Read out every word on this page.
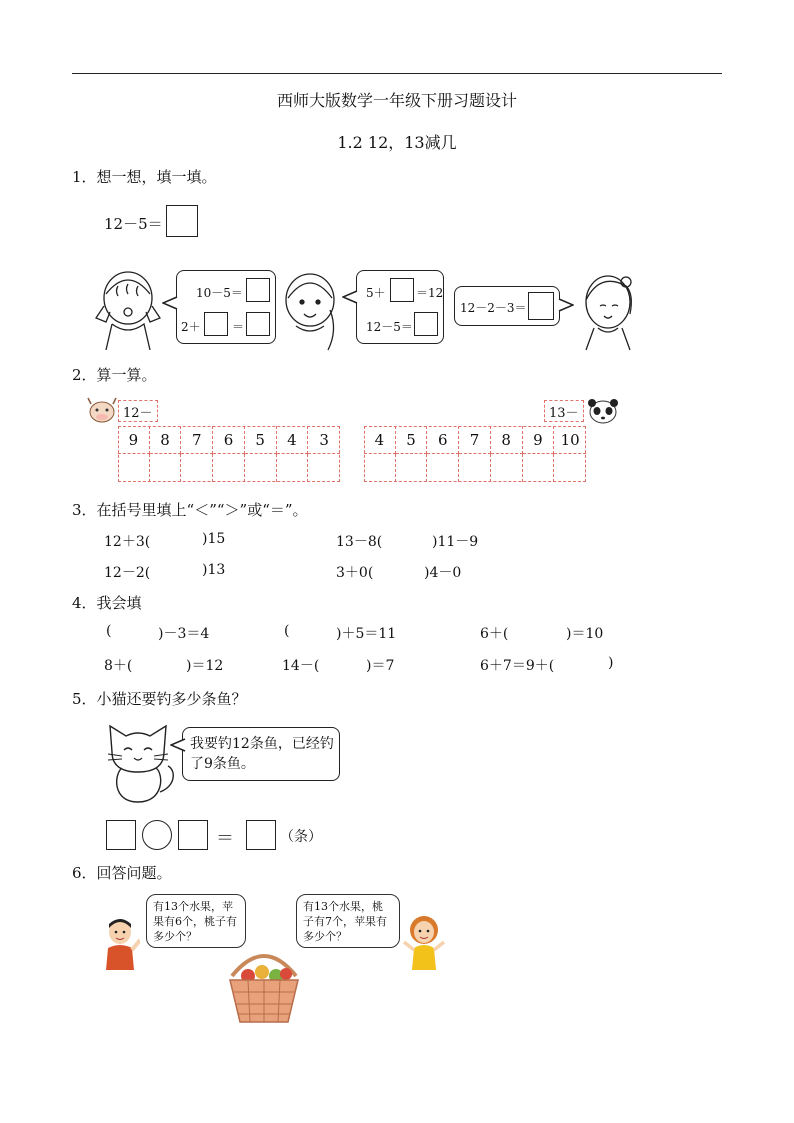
西师大版数学一年级下册习题设计
1.2 12，13减几
1．想一想，填一填。
12－5＝
10－5＝
2＋	＝
5＋	＝12
12－5＝
12－2－3＝
2．算一算。
12－
9	8	7	6	5	4	3
13－
4	5	6	7	8	9	10
3．在括号里填上“＜”“＞”或“＝”。
12＋3(	)15	13－8(	)11－9
12－2(	)13	3＋0(	)4－0
4．我会填
(	)－3＝4	(	)＋5＝11	6＋(	)＝10
8＋(	)＝12	14－(	)＝7	6＋7＝9＋(	)
5．小猫还要钓多少条鱼？
我要钓12条鱼，已经钓了9条鱼。
＝	（条）
6．回答问题。
有13个水果，苹果有6个，桃子有多少个？
有13个水果，桃子有7个，苹果有多少个？
